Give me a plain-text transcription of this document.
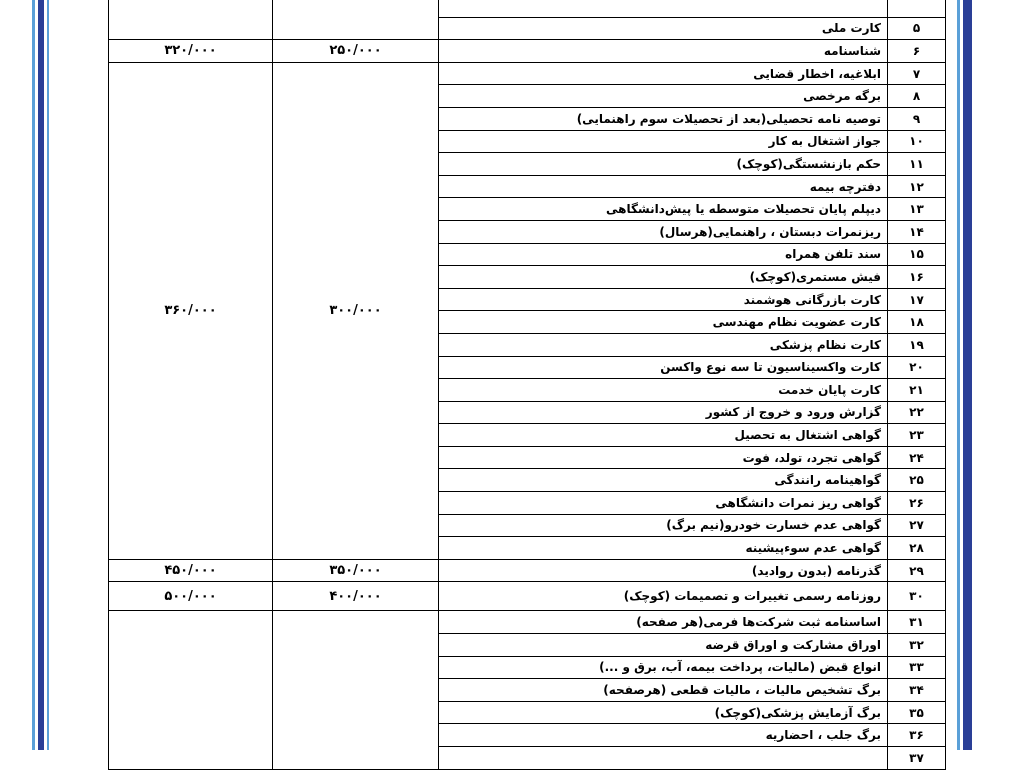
۵	کارت ملی		
۶	شناسنامه	۲۵۰/۰۰۰	۳۲۰/۰۰۰
۷	ابلاغیه، اخطار قضایی	۳۰۰/۰۰۰	۳۶۰/۰۰۰
۸	برگه مرخصی		
۹	توصیه نامه تحصیلی(بعد از تحصیلات سوم راهنمایی)		
۱۰	جواز اشتغال به کار		
۱۱	حکم بازنشستگی(کوچک)		
۱۲	دفترچه بیمه		
۱۳	دیپلم پایان تحصیلات متوسطه یا پیش‌دانشگاهی		
۱۴	ریزنمرات دبستان ، راهنمایی(هرسال)		
۱۵	سند تلفن همراه		
۱۶	فیش مستمری(کوچک)		
۱۷	کارت بازرگانی هوشمند		
۱۸	کارت عضویت نظام مهندسی		
۱۹	کارت نظام پزشکی		
۲۰	کارت واکسیناسیون تا سه نوع واکسن		
۲۱	کارت پایان خدمت		
۲۲	گزارش ورود و خروج از کشور		
۲۳	گواهی اشتغال به تحصیل		
۲۴	گواهی تجرد، تولد، فوت		
۲۵	گواهینامه رانندگی		
۲۶	گواهی ریز نمرات دانشگاهی		
۲۷	گواهی عدم خسارت خودرو(نیم برگ)		
۲۸	گواهی عدم سوءپیشینه		
۲۹	گذرنامه (بدون روادید)	۳۵۰/۰۰۰	۴۵۰/۰۰۰
۳۰	روزنامه رسمی تغییرات و تصمیمات (کوچک)	۴۰۰/۰۰۰	۵۰۰/۰۰۰
۳۱	اساسنامه ثبت شرکت‌ها فرمی(هر صفحه)		
۳۲	اوراق مشارکت و اوراق قرضه		
۳۳	انواع قبض (مالیات، پرداخت بیمه، آب، برق و ...)		
۳۴	برگ تشخیص مالیات ، مالیات قطعی (هرصفحه)		
۳۵	برگ آزمایش پزشکی(کوچک)		
۳۶	برگ جلب ، احضاریه		
۳۷			
